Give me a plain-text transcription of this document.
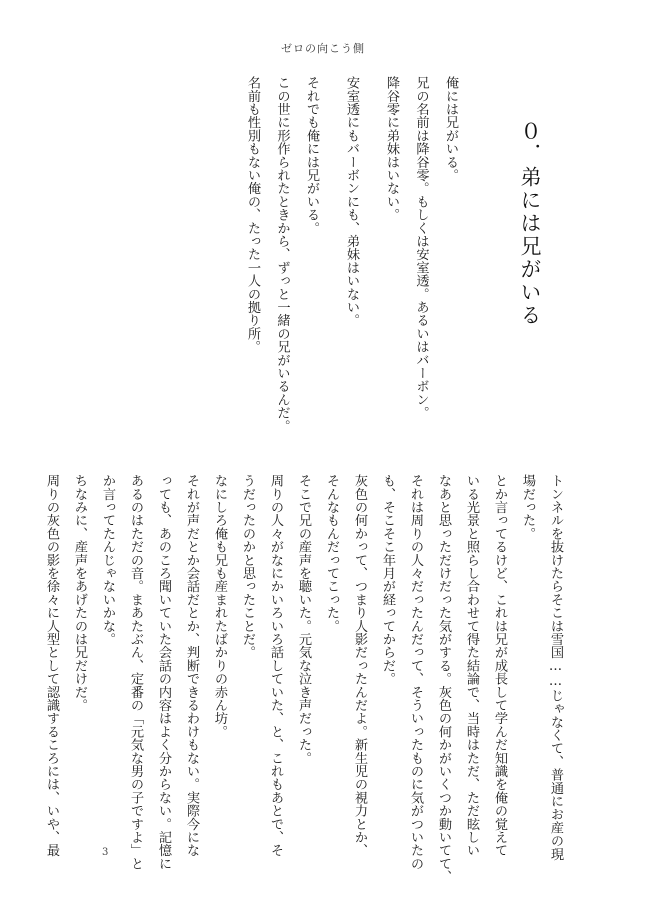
ゼロの向こう側
０．弟には兄がいる
俺には兄がいる。
兄の名前は降谷零。もしくは安室透。あるいはバーボン。
降谷零に弟妹はいない。
安室透にもバーボンにも、弟妹はいない。
それでも俺には兄がいる。
この世に形作られたときから、ずっと一緒の兄がいるんだ。
名前も性別もない俺の、たった一人の拠り所。
トンネルを抜けたらそこは雪国……じゃなくて、普通にお産の現
場だった。
とか言ってるけど、これは兄が成長して学んだ知識を俺の覚えて
いる光景と照らし合わせて得た結論で、当時はただ、ただ眩しい
なあと思っただけだった気がする。灰色の何かがいくつか動いてて、
それは周りの人々だったんだって、そういったものに気がついたの
も、そこそこ年月が経ってからだ。
灰色の何かって、つまり人影だったんだよ。新生児の視力とか、
そんなもんだってこった。
そこで兄の産声を聴いた。元気な泣き声だった。
周りの人々がなにかいろいろ話していた、と、これもあとで、そ
うだったのかと思ったことだ。
なにしろ俺も兄も産まれたばかりの赤ん坊。
それが声だとか会話だとか、判断できるわけもない。実際今にな
っても、あのころ聞いていた会話の内容はよく分からない。記憶に
あるのはただの音。まあたぶん、定番の「元気な男の子ですよ」と
か言ってたんじゃないかな。
ちなみに、産声をあげたのは兄だけだ。
周りの灰色の影を徐々に人型として認識するころには、いや、最	3
